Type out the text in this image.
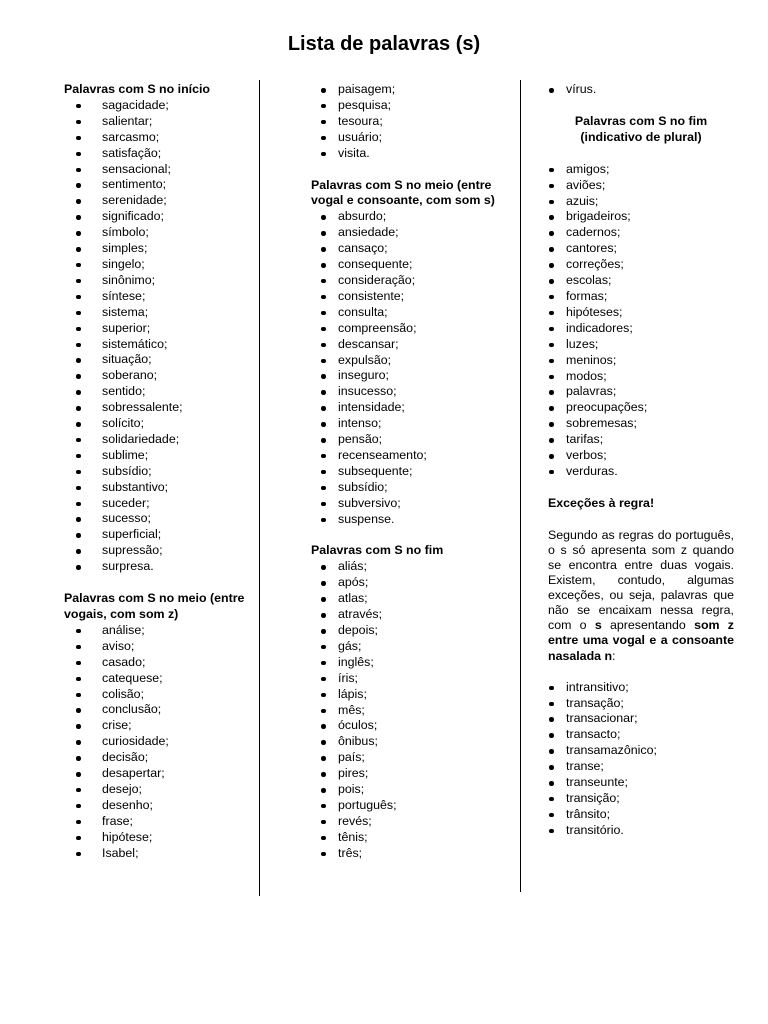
Lista de palavras (s)
Palavras com S no início
sagacidade;
salientar;
sarcasmo;
satisfação;
sensacional;
sentimento;
serenidade;
significado;
símbolo;
simples;
singelo;
sinônimo;
síntese;
sistema;
superior;
sistemático;
situação;
soberano;
sentido;
sobressalente;
solícito;
solidariedade;
sublime;
subsídio;
substantivo;
suceder;
sucesso;
superficial;
supressão;
surpresa.
Palavras com S no meio (entre vogais, com som z)
análise;
aviso;
casado;
catequese;
colisão;
conclusão;
crise;
curiosidade;
decisão;
desapertar;
desejo;
desenho;
frase;
hipótese;
Isabel;
paisagem;
pesquisa;
tesoura;
usuário;
visita.
Palavras com S no meio (entre vogal e consoante, com som s)
absurdo;
ansiedade;
cansaço;
consequente;
consideração;
consistente;
consulta;
compreensão;
descansar;
expulsão;
inseguro;
insucesso;
intensidade;
intenso;
pensão;
recenseamento;
subsequente;
subsídio;
subversivo;
suspense.
Palavras com S no fim
aliás;
após;
atlas;
através;
depois;
gás;
inglês;
íris;
lápis;
mês;
óculos;
ônibus;
país;
pires;
pois;
português;
revés;
tênis;
três;
vírus.
Palavras com S no fim (indicativo de plural)
amigos;
aviões;
azuis;
brigadeiros;
cadernos;
cantores;
correções;
escolas;
formas;
hipóteses;
indicadores;
luzes;
meninos;
modos;
palavras;
preocupações;
sobremesas;
tarifas;
verbos;
verduras.
Exceções à regra!
Segundo as regras do português, o s só apresenta som z quando se encontra entre duas vogais. Existem, contudo, algumas exceções, ou seja, palavras que não se encaixam nessa regra, com o s apresentando som z entre uma vogal e a consoante nasalada n:
intransitivo;
transação;
transacionar;
transacto;
transamazônico;
transe;
transeunte;
transição;
trânsito;
transitório.
